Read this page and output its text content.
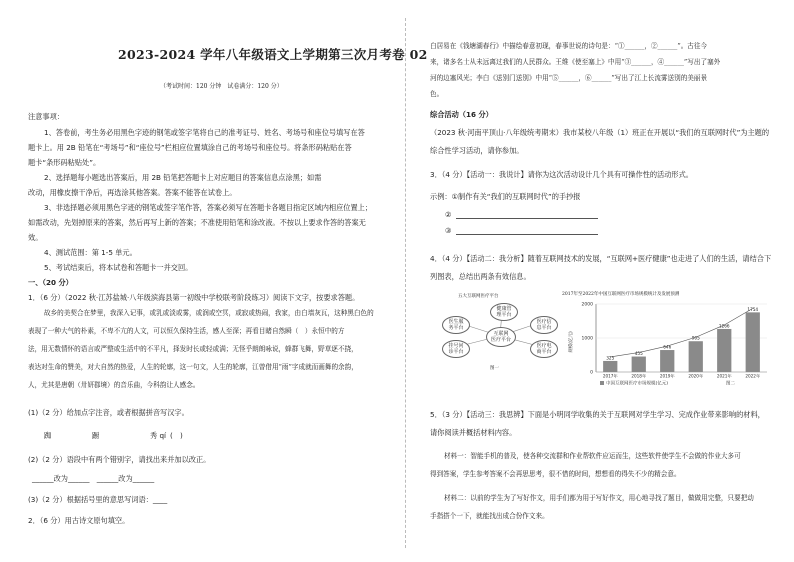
2023-2024 学年八年级语文上学期第三次月考卷 02
（考试时间：120 分钟　试卷满分：120 分）
注意事项：
1、答卷前，考生务必用黑色字迹的钢笔或签字笔将自己的准考证号、姓名、考场号和座位号填写在答
题卡上。用 2B 铅笔在“考场号”和“座位号”栏相应位置填涂自己的考场号和座位号。将条形码粘贴在答
题卡“条形码粘贴处”。
2、选择题每小题选出答案后，用 2B 铅笔把答题卡上对应题目的答案信息点涂黑；如需
改动，用橡皮擦干净后，再选涂其他答案。答案不能答在试卷上。
3、非选择题必须用黑色字迹的钢笔或签字笔作答，答案必须写在答题卡各题目指定区域内相应位置上；
如需改动，先划掉原来的答案，然后再写上新的答案；不准使用铅笔和涂改液。不按以上要求作答的答案无
效。
4、测试范围：第 1-5 单元。
5、考试结束后，将本试卷和答题卡一并交回。
一、（20 分）
1．（6 分）（2022 秋·江苏盐城·八年级滨海县第一初级中学校联考阶段练习）阅读下文字，按要求答题。
故乡的美契合在梦里，我深入记事，或乳或淡或雾，或润或空冥，或寂或热闹，我家，由白墙灰瓦，这种黑白色的
表现了一种大气的朴素，不卑不亢的人文，可以恒久保持生活，感人至深；再看目睹自然瞬（　）永恒中的方
法，用无数情怀的语言或严整或生活中的不平凡，择发时长或轻或满；无怪乎朗朗咏说，蜂群飞舞，野草逐不挠，
表达对生命的赞美，对大自然的热爱，人生的轮廓，这一句文，人生的轮廓，江曾借用“雨”字成就而画舞的余韵，
人，尤其是唐朝（卅妍郡境）的音乐曲，今科韵让人感念。
(1)（2 分）给加点字注音，或者根据拼音写汉字。
踟	蹰	秀 qí (　)
(2)（2 分）语段中有两个错别字，请找出来并加以改正。
______改为______　______改为______
(3)（2 分）根据括号里的意思写词语：____
2．（6 分）用古诗文原句填空。
白居易在《钱塘湖春行》中描绘春意初现，春事世说的诗句是：“①______，②______”。古往今
来，诸多名士从未远离过我们的人民群众。王维《使至塞上》中用“③______，④______”写出了塞外
河的边塞风光；李白《送别门送别》中用“⑤______，⑥______”写出了江上长流雾送别的美丽景
色。
综合活动（16 分）
（2023 秋·河南平顶山·八年级统考期末）我市某校八年级（1）班正在开展以“我们的互联网时代”为主题的
综合性学习活动，请你参加。
3．（4 分）【活动一：我说计】请你为这次活动设计几个具有可操作性的活动形式。
示例：①制作有关“我们的互联网时代”的手抄报
②
③
4．（4 分）【活动二：我分析】随着互联网技术的发展，“互联网+医疗健康”也走进了人们的生活，请结合下
列图表，总结出两条有效信息。
五大互联网医疗平台
互联网
医疗平台
健康管
理平台
医生服
务平台
医疗信
息平台
医疗电
商平台
挂号问
诊平台
图一
2017年至2022年中国互联网医疗市场规模统计及发展预测
0
1000
2000
规模(亿元)
325
2017年
455
2018年
646
2019年
905
2020年
1266
2021年
1754
2022年
中国互联网医疗市场规模(亿元)	图二
5．（3 分）【活动三：我思辨】下面是小明同学收集的关于互联网对学生学习、完成作业带来影响的材料，
请你阅读并概括材料内容。
材料一：智能手机的普及，使各种交流群和作业帮软件应运而生，这些软件使学生不会做的作业大多可
得到答案，学生参考答案不会再思思考，很不惜的时间，想想看的得失不少的精会意。
材料二：以前的学生为了写好作文，用手们都为用于写好作文，用心地寻找了题目，做做用完整，只要把动
手指搭个一下，就能找出成合份作文来。
